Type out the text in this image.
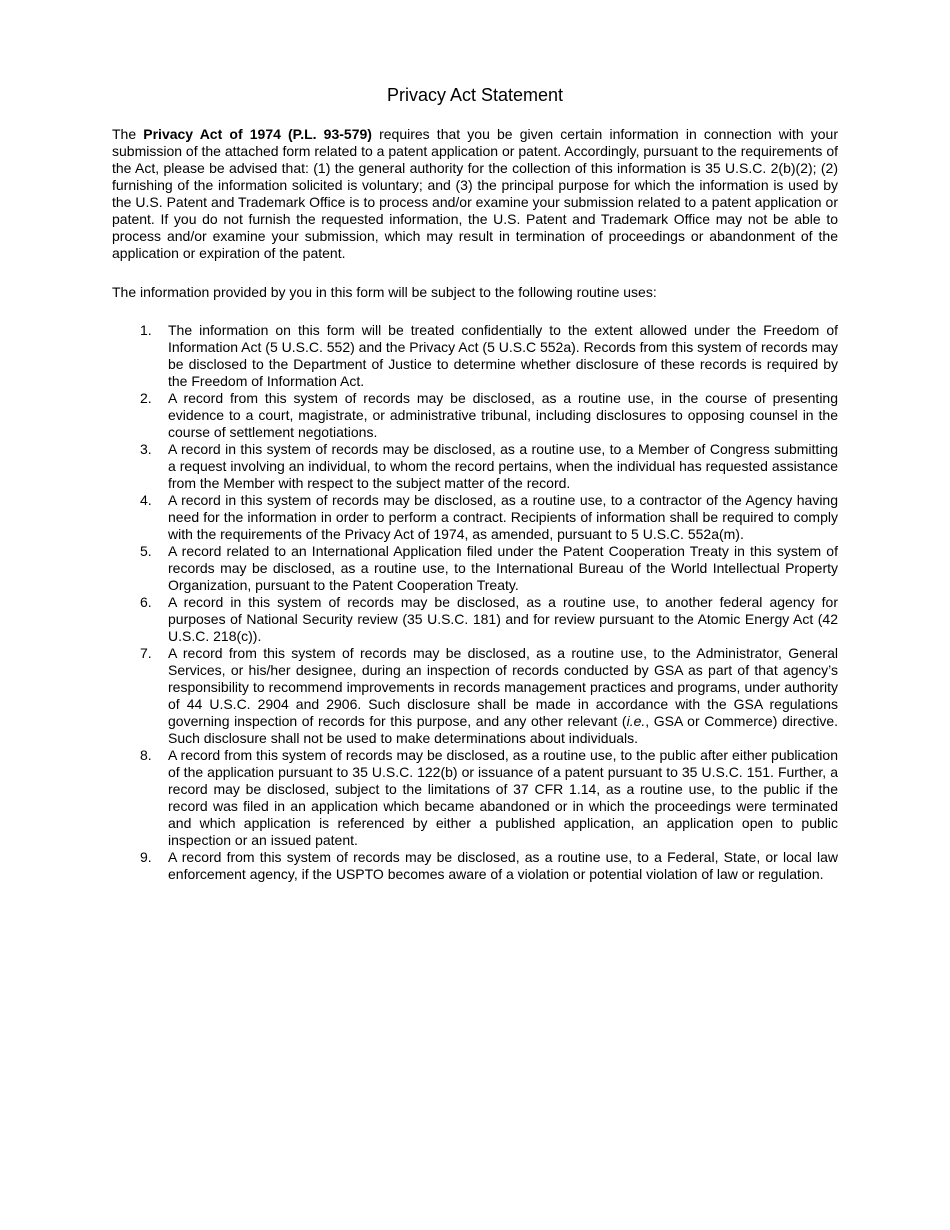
Privacy Act Statement

The Privacy Act of 1974 (P.L. 93-579) requires that you be given certain information in connection with your submission of the attached form related to a patent application or patent. Accordingly, pursuant to the requirements of the Act, please be advised that: (1) the general authority for the collection of this information is 35 U.S.C. 2(b)(2); (2) furnishing of the information solicited is voluntary; and (3) the principal purpose for which the information is used by the U.S. Patent and Trademark Office is to process and/or examine your submission related to a patent application or patent. If you do not furnish the requested information, the U.S. Patent and Trademark Office may not be able to process and/or examine your submission, which may result in termination of proceedings or abandonment of the application or expiration of the patent.

The information provided by you in this form will be subject to the following routine uses:

1. The information on this form will be treated confidentially to the extent allowed under the Freedom of Information Act (5 U.S.C. 552) and the Privacy Act (5 U.S.C 552a). Records from this system of records may be disclosed to the Department of Justice to determine whether disclosure of these records is required by the Freedom of Information Act.
2. A record from this system of records may be disclosed, as a routine use, in the course of presenting evidence to a court, magistrate, or administrative tribunal, including disclosures to opposing counsel in the course of settlement negotiations.
3. A record in this system of records may be disclosed, as a routine use, to a Member of Congress submitting a request involving an individual, to whom the record pertains, when the individual has requested assistance from the Member with respect to the subject matter of the record.
4. A record in this system of records may be disclosed, as a routine use, to a contractor of the Agency having need for the information in order to perform a contract. Recipients of information shall be required to comply with the requirements of the Privacy Act of 1974, as amended, pursuant to 5 U.S.C. 552a(m).
5. A record related to an International Application filed under the Patent Cooperation Treaty in this system of records may be disclosed, as a routine use, to the International Bureau of the World Intellectual Property Organization, pursuant to the Patent Cooperation Treaty.
6. A record in this system of records may be disclosed, as a routine use, to another federal agency for purposes of National Security review (35 U.S.C. 181) and for review pursuant to the Atomic Energy Act (42 U.S.C. 218(c)).
7. A record from this system of records may be disclosed, as a routine use, to the Administrator, General Services, or his/her designee, during an inspection of records conducted by GSA as part of that agency’s responsibility to recommend improvements in records management practices and programs, under authority of 44 U.S.C. 2904 and 2906. Such disclosure shall be made in accordance with the GSA regulations governing inspection of records for this purpose, and any other relevant (i.e., GSA or Commerce) directive. Such disclosure shall not be used to make determinations about individuals.
8. A record from this system of records may be disclosed, as a routine use, to the public after either publication of the application pursuant to 35 U.S.C. 122(b) or issuance of a patent pursuant to 35 U.S.C. 151. Further, a record may be disclosed, subject to the limitations of 37 CFR 1.14, as a routine use, to the public if the record was filed in an application which became abandoned or in which the proceedings were terminated and which application is referenced by either a published application, an application open to public inspection or an issued patent.
9. A record from this system of records may be disclosed, as a routine use, to a Federal, State, or local law enforcement agency, if the USPTO becomes aware of a violation or potential violation of law or regulation.
